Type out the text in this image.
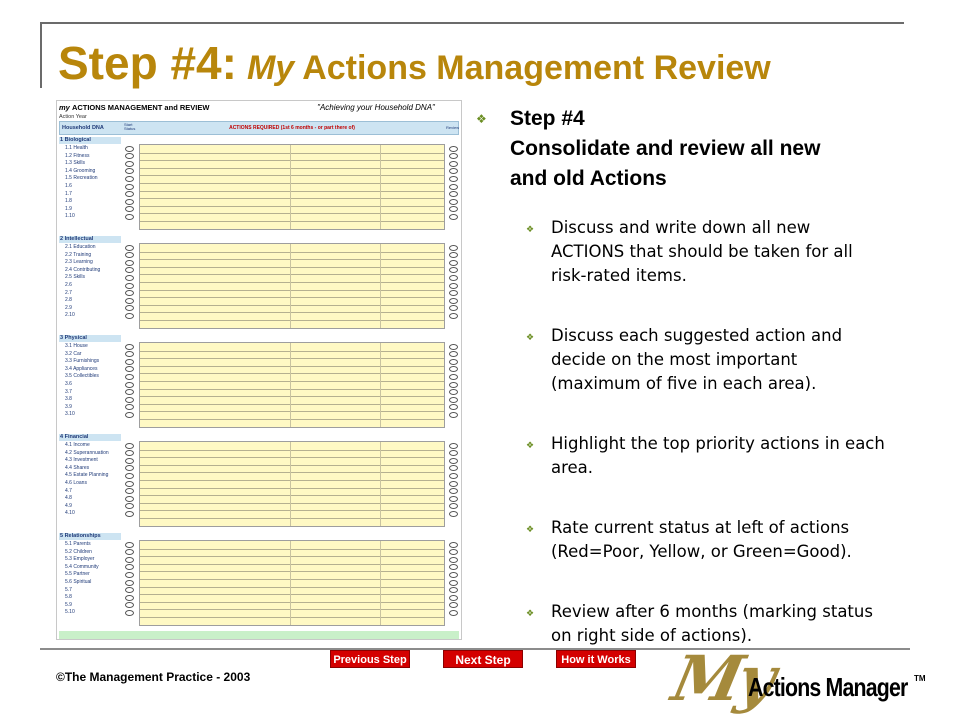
Step #4: My Actions Management Review
my ACTIONS MANAGEMENT and REVIEW	"Achieving your Household DNA"
Action Year
Household DNA
Start
Status	ACTIONS REQUIRED (1st 6 months - or part there of)	Review
1 Biological
1.1 Health
1.2 Fitness
1.3 Skills
1.4 Grooming
1.5 Recreation
1.6
1.7
1.8
1.9
1.10
2 Intellectual
2.1 Education
2.2 Training
2.3 Learning
2.4 Contributing
2.5 Skills
2.6
2.7
2.8
2.9
2.10
3 Physical
3.1 House
3.2 Car
3.3 Furnishings
3.4 Appliances
3.5 Collectibles
3.6
3.7
3.8
3.9
3.10
4 Financial
4.1 Income
4.2 Superannuation
4.3 Investment
4.4 Shares
4.5 Estate Planning
4.6 Loans
4.7
4.8
4.9
4.10
5 Relationships
5.1 Parents
5.2 Children
5.3 Employer
5.4 Community
5.5 Partner
5.6 Spiritual
5.7
5.8
5.9
5.10
❖ Step #4
Consolidate and review all new
and old Actions
❖ Discuss and write down all new
ACTIONS that should be taken for all
risk-rated items.
❖ Discuss each suggested action and
decide on the most important
(maximum of five in each area).
❖ Highlight the top priority actions in each
area.
❖ Rate current status at left of actions
(Red=Poor, Yellow, or Green=Good).
❖ Review after 6 months (marking status
on right side of actions).
Previous Step	Next Step	How it Works
©The Management Practice - 2003	My
Actions Manager TM
